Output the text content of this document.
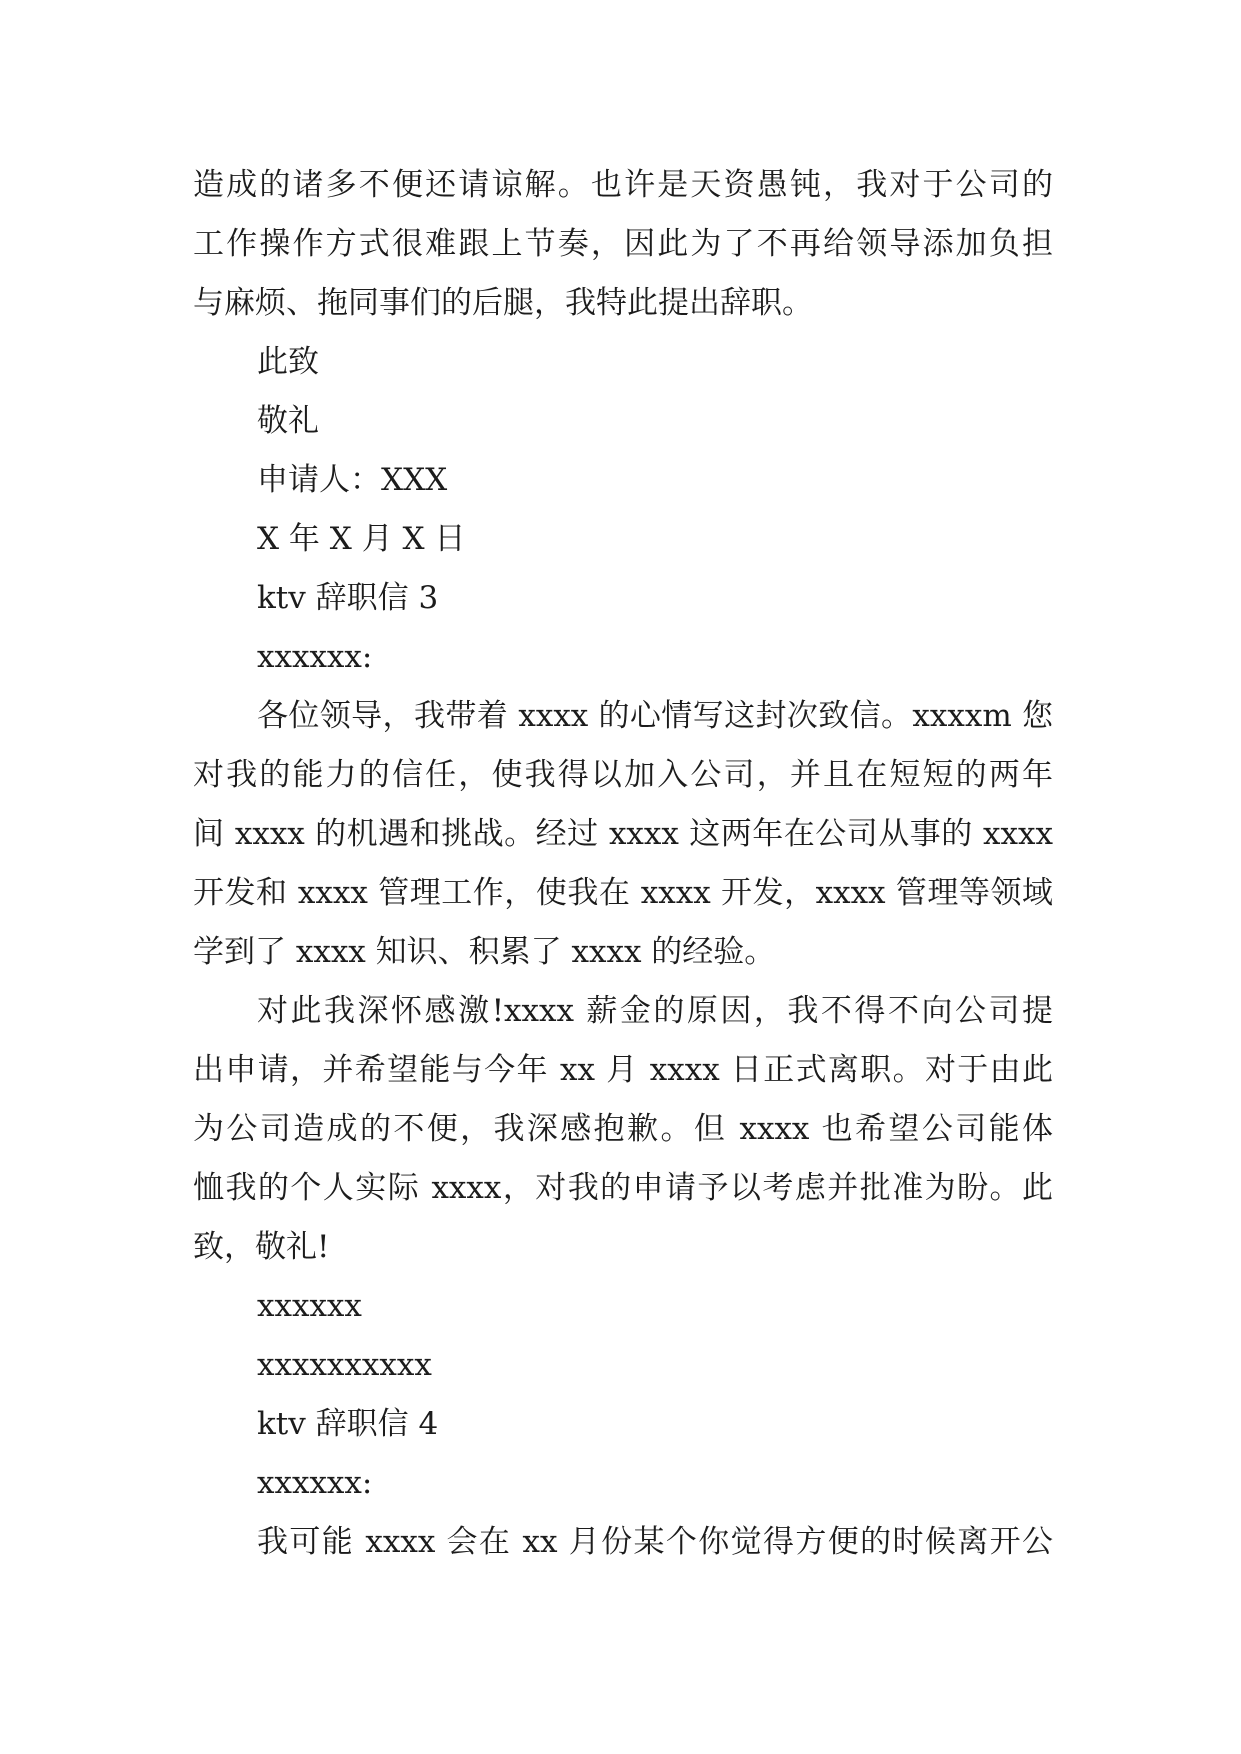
造成的诸多不便还请谅解。也许是天资愚钝，我对于公司的
工作操作方式很难跟上节奏，因此为了不再给领导添加负担
与麻烦、拖同事们的后腿，我特此提出辞职。
此致
敬礼
申请人：XXX
X 年 X 月 X 日
ktv 辞职信 3
xxxxxx:
各位领导，我带着 xxxx 的心情写这封次致信。xxxxm 您
对我的能力的信任，使我得以加入公司，并且在短短的两年
间 xxxx 的机遇和挑战。经过 xxxx 这两年在公司从事的 xxxx
开发和 xxxx 管理工作，使我在 xxxx 开发，xxxx 管理等领域
学到了 xxxx 知识、积累了 xxxx 的经验。
对此我深怀感激!xxxx 薪金的原因，我不得不向公司提
出申请，并希望能与今年 xx 月 xxxx 日正式离职。对于由此
为公司造成的不便，我深感抱歉。但 xxxx 也希望公司能体
恤我的个人实际 xxxx，对我的申请予以考虑并批准为盼。此
致，敬礼!
xxxxxx
xxxxxxxxxx
ktv 辞职信 4
xxxxxx:
我可能 xxxx 会在 xx 月份某个你觉得方便的时候离开公
